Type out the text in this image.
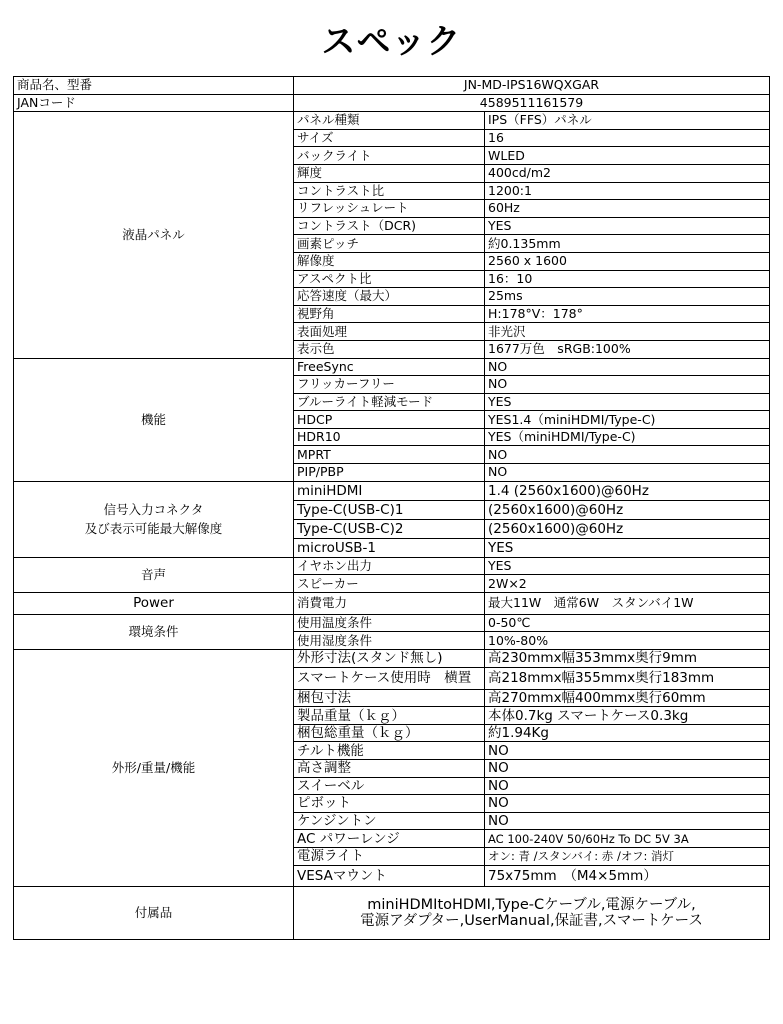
スペック
商品名、型番	JN-MD-IPS16WQXGAR	
JANコード	4589511161579	
液晶パネル	パネル種類	IPS（FFS）パネル
	サイズ	16
	バックライト	WLED
	輝度	400cd/m2
	コントラスト比	1200:1
	リフレッシュレート	60Hz
	コントラスト（DCR)	YES
	画素ピッチ	約0.135mm
	解像度	2560 x 1600
	アスペクト比	16：10
	応答速度（最大）	25ms
	視野角	H:178°V：178°
	表面処理	非光沢
	表示色	1677万色　sRGB:100%
機能	FreeSync	NO
	フリッカーフリー	NO
	ブルーライト軽減モード	YES
	HDCP	YES1.4（miniHDMI/Type-C)
	HDR10	YES（miniHDMI/Type-C)
	MPRT	NO
	PIP/PBP	NO

信号入力コネクタ
及び表示可能最大解像度	miniHDMI	1.4 (2560x1600)@60Hz
	Type-C(USB-C)1	(2560x1600)@60Hz
	Type-C(USB-C)2	(2560x1600)@60Hz
	microUSB-1	YES
音声	イヤホン出力	YES
	スピーカー	2W×2
Power	消費電力	最大11W　通常6W　スタンバイ1W
環境条件	使用温度条件	0-50℃
	使用湿度条件	10%-80%
外形/重量/機能	外形寸法(スタンド無し)	高230mmx幅353mmx奥行9mm
	スマートケース使用時　横置	高218mmx幅355mmx奥行183mm
	梱包寸法	高270mmx幅400mmx奥行60mm
	製品重量（ｋｇ）	本体0.7kg スマートケース0.3kg
	梱包総重量（ｋｇ）	約1.94Kg
	チルト機能	NO
	高さ調整	NO
	スイーベル	NO
	ピボット	NO
	ケンジントン	NO
	AC パワーレンジ	AC 100-240V 50/60Hz To DC 5V 3A
	電源ライト	オン: 青 /スタンバイ: 赤 /オフ: 消灯
	VESAマウント	75x75mm　（M4×5mm）
付属品	miniHDMItoHDMI,Type-Cケーブル,電源ケーブル,
電源アダプター,UserManual,保証書,スマートケース	
